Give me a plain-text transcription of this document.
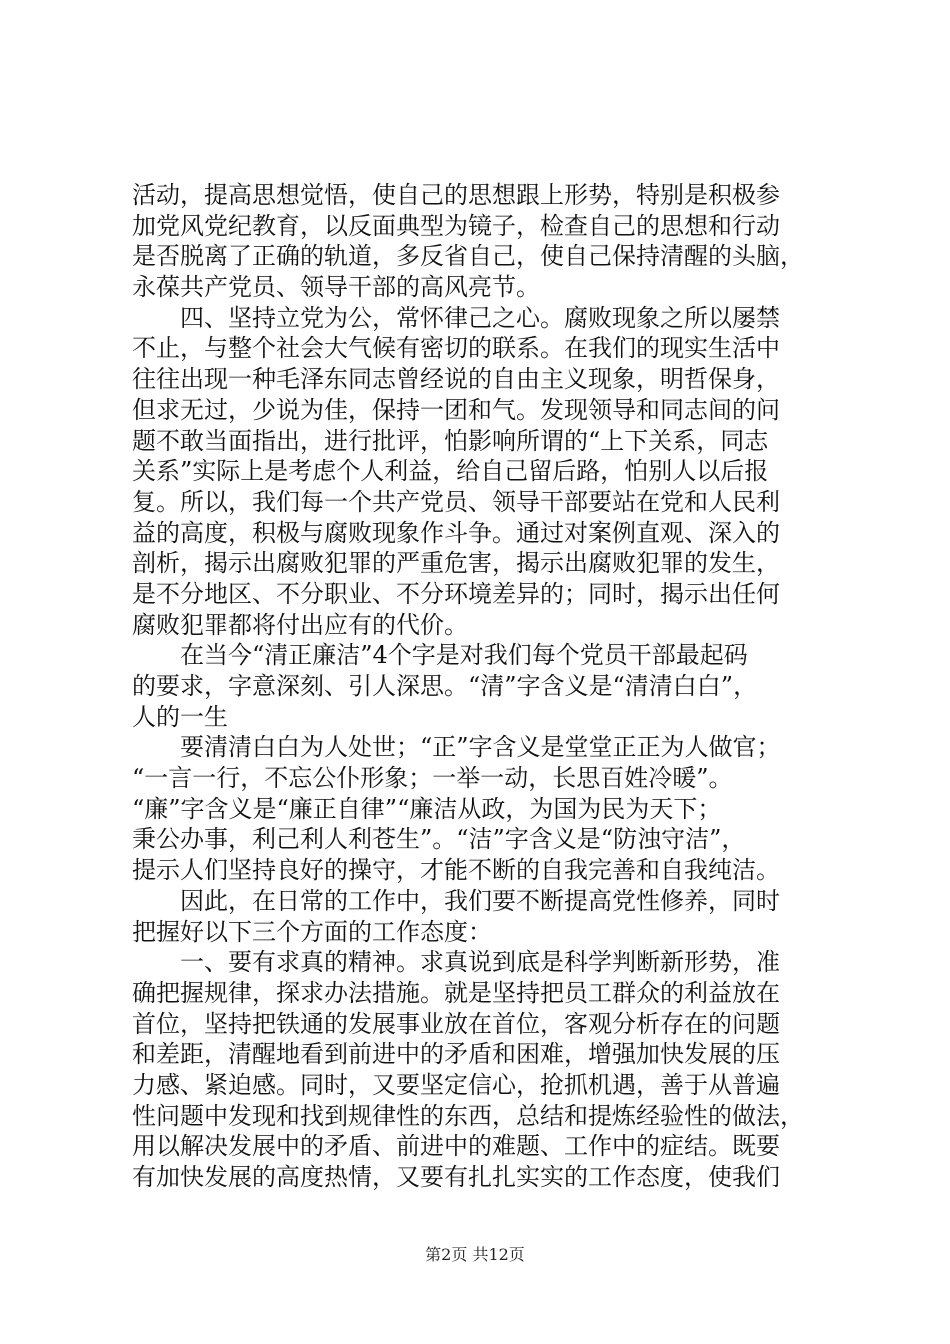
活动，提高思想觉悟，使自己的思想跟上形势，特别是积极参
加党风党纪教育，以反面典型为镜子，检查自己的思想和行动
是否脱离了正确的轨道，多反省自己，使自己保持清醒的头脑，
永葆共产党员、领导干部的高风亮节。
　　四、坚持立党为公，常怀律己之心。腐败现象之所以屡禁
不止，与整个社会大气候有密切的联系。在我们的现实生活中
往往出现一种毛泽东同志曾经说的自由主义现象，明哲保身，
但求无过，少说为佳，保持一团和气。发现领导和同志间的问
题不敢当面指出，进行批评，怕影响所谓的“上下关系，同志
关系”实际上是考虑个人利益，给自己留后路，怕别人以后报
复。所以，我们每一个共产党员、领导干部要站在党和人民利
益的高度，积极与腐败现象作斗争。通过对案例直观、深入的
剖析，揭示出腐败犯罪的严重危害，揭示出腐败犯罪的发生，
是不分地区、不分职业、不分环境差异的；同时，揭示出任何
腐败犯罪都将付出应有的代价。
　　在当今“清正廉洁”4个字是对我们每个党员干部最起码
的要求，字意深刻、引人深思。“清”字含义是“清清白白”，
人的一生
　　要清清白白为人处世；“正”字含义是堂堂正正为人做官；
“一言一行，不忘公仆形象；一举一动，长思百姓冷暖”。
“廉”字含义是“廉正自律”“廉洁从政，为国为民为天下；
秉公办事，利己利人利苍生”。“洁”字含义是“防浊守洁”，
提示人们坚持良好的操守，才能不断的自我完善和自我纯洁。
　　因此，在日常的工作中，我们要不断提高党性修养，同时
把握好以下三个方面的工作态度：
　　一、要有求真的精神。求真说到底是科学判断新形势，准
确把握规律，探求办法措施。就是坚持把员工群众的利益放在
首位，坚持把铁通的发展事业放在首位，客观分析存在的问题
和差距，清醒地看到前进中的矛盾和困难，增强加快发展的压
力感、紧迫感。同时，又要坚定信心，抢抓机遇，善于从普遍
性问题中发现和找到规律性的东西，总结和提炼经验性的做法，
用以解决发展中的矛盾、前进中的难题、工作中的症结。既要
有加快发展的高度热情，又要有扎扎实实的工作态度，使我们
第2页 共12页
